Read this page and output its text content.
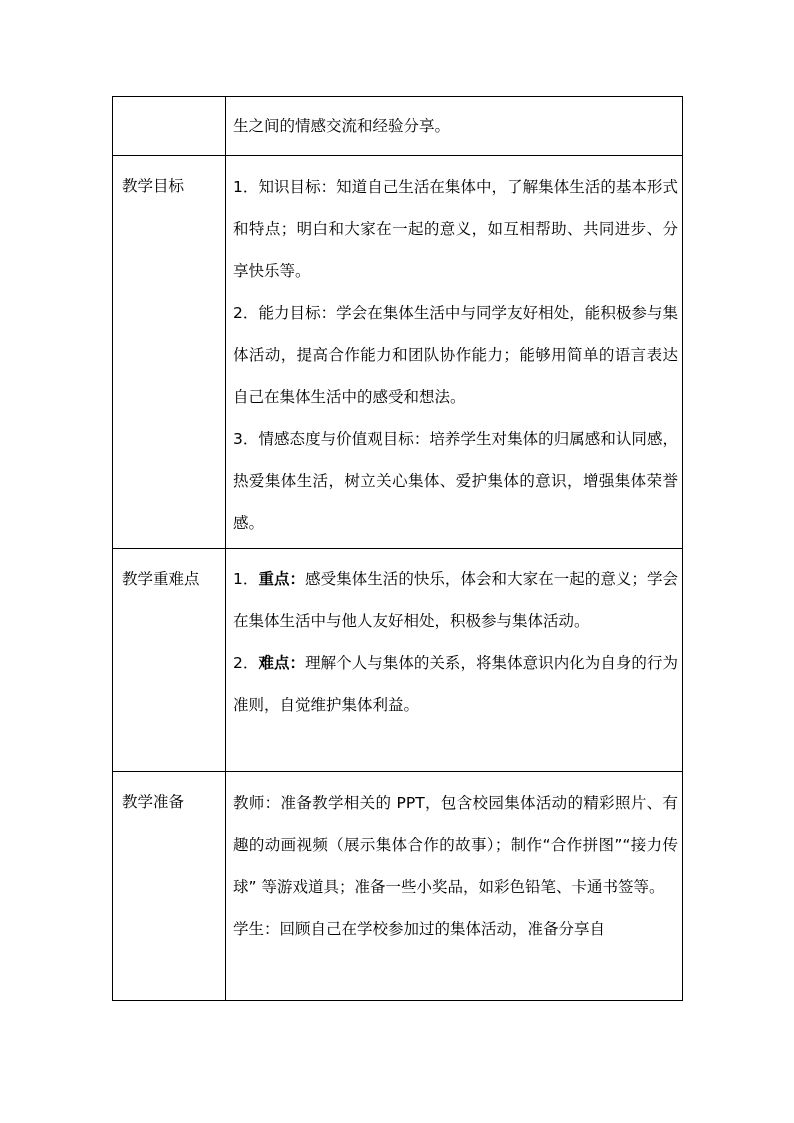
	生之间的情感交流和经验分享。

教学目标	1．知识目标：知道自己生活在集体中，了解集体生活的基本形式和特点；明白和大家在一起的意义，如互相帮助、共同进步、分享快乐等。

2．能力目标：学会在集体生活中与同学友好相处，能积极参与集体活动，提高合作能力和团队协作能力；能够用简单的语言表达自己在集体生活中的感受和想法。

3．情感态度与价值观目标：培养学生对集体的归属感和认同感，热爱集体生活，树立关心集体、爱护集体的意识，增强集体荣誉感。

教学重难点	1．重点：感受集体生活的快乐，体会和大家在一起的意义；学会在集体生活中与他人友好相处，积极参与集体活动。

2．难点：理解个人与集体的关系，将集体意识内化为自身的行为准则，自觉维护集体利益。

教学准备	教师：准备教学相关的 PPT，包含校园集体活动的精彩照片、有趣的动画视频（展示集体合作的故事）；制作“合作拼图”“接力传球” 等游戏道具；准备一些小奖品，如彩色铅笔、卡通书签等。

学生：回顾自己在学校参加过的集体活动，准备分享自
